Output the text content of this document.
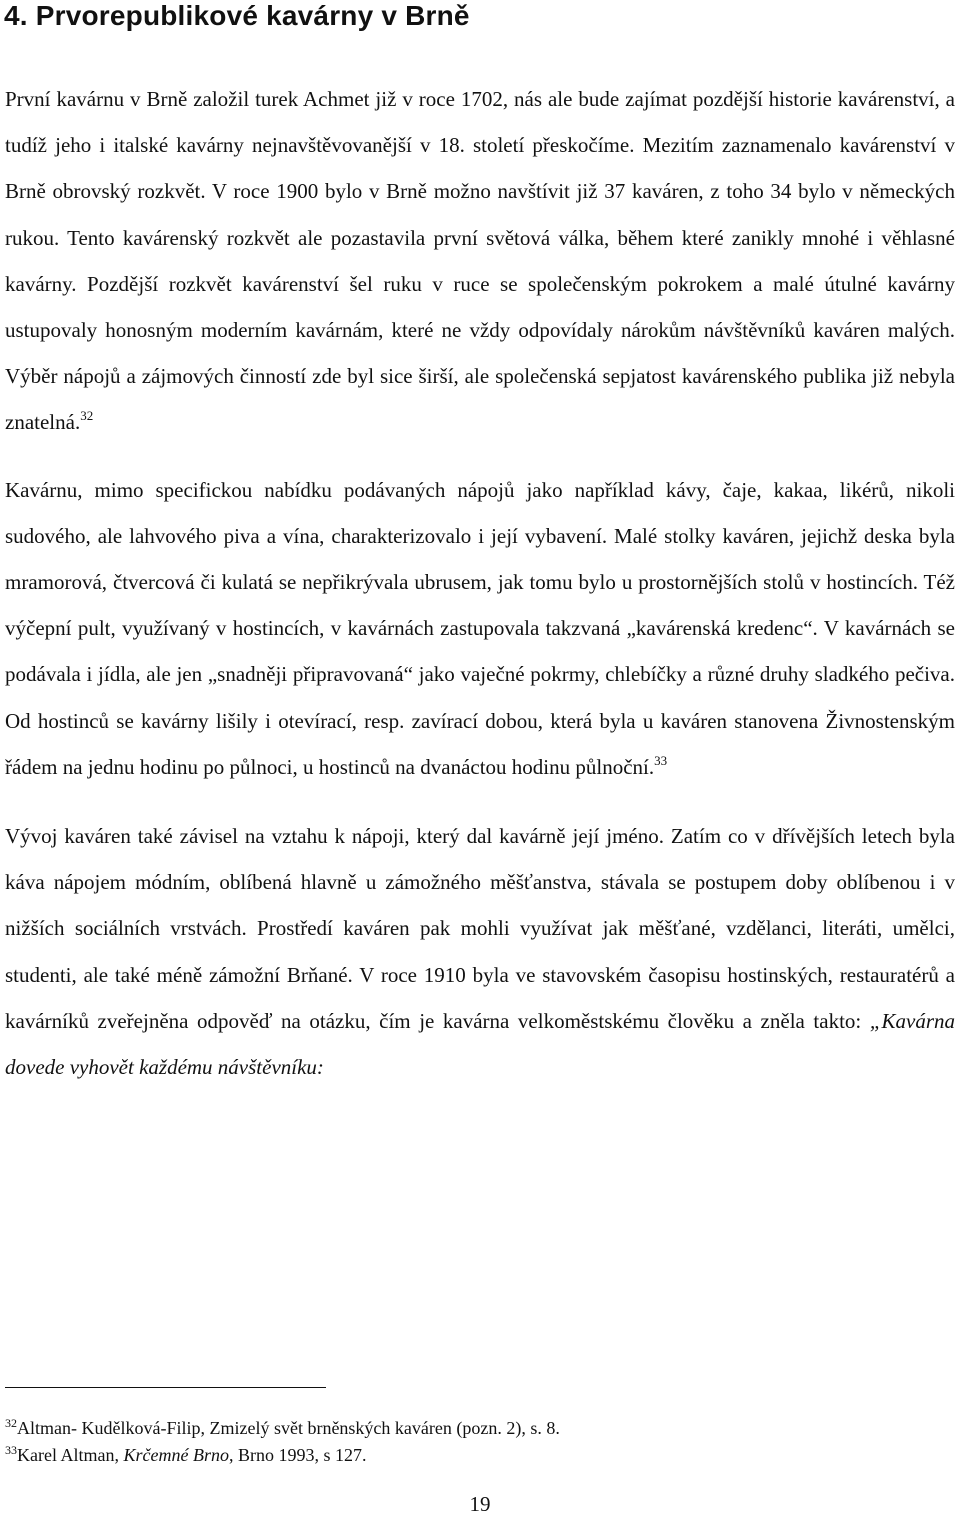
4. Prvorepublikové kavárny v Brně

První kavárnu v Brně založil turek Achmet již v roce 1702, nás ale bude zajímat pozdější historie kavárenství, a tudíž jeho i italské kavárny nejnavštěvovanější v 18. století přeskočíme. Mezitím zaznamenalo kavárenství v Brně obrovský rozkvět. V roce 1900 bylo v Brně možno navštívit již 37 kaváren, z toho 34 bylo v německých rukou. Tento kavárenský rozkvět ale pozastavila první světová válka, během které zanikly mnohé i věhlasné kavárny. Pozdější rozkvět kavárenství šel ruku v ruce se společenským pokrokem a malé útulné kavárny ustupovaly honosným moderním kavárnám, které ne vždy odpovídaly nárokům návštěvníků kaváren malých. Výběr nápojů a zájmových činností zde byl sice širší, ale společenská sepjatost kavárenského publika již nebyla znatelná.$^{32}$

Kavárnu, mimo specifickou nabídku podávaných nápojů jako například kávy, čaje, kakaa, likérů, nikoli sudového, ale lahvového piva a vína, charakterizovalo i její vybavení. Malé stolky kaváren, jejichž deska byla mramorová, čtvercová či kulatá se nepřikrývala ubrusem, jak tomu bylo u prostornějších stolů v hostincích. Též výčepní pult, využívaný v hostincích, v kavárnách zastupovala takzvaná „kavárenská kredenc“. V kavárnách se podávala i jídla, ale jen „snadněji připravovaná“ jako vaječné pokrmy, chlebíčky a různé druhy sladkého pečiva. Od hostinců se kavárny lišily i otevírací, resp. zavírací dobou, která byla u kaváren stanovena Živnostenským řádem na jednu hodinu po půlnoci, u hostinců na dvanáctou hodinu půlnoční.$^{33}$

Vývoj kaváren také závisel na vztahu k nápoji, který dal kavárně její jméno. Zatím co v dřívějších letech byla káva nápojem módním, oblíbená hlavně u zámožného měšťanstva, stávala se postupem doby oblíbenou i v nižších sociálních vrstvách. Prostředí kaváren pak mohli využívat jak měšťané, vzdělanci, literáti, umělci, studenti, ale také méně zámožní Brňané. V roce 1910 byla ve stavovském časopisu hostinských, restauratérů a kavárníků zveřejněna odpověď na otázku, čím je kavárna velkoměstskému člověku a zněla takto: „Kavárna dovede vyhovět každému návštěvníku:

$^{32}$Altman- Kudělková-Filip, Zmizelý svět brněnských kaváren (pozn. 2), s. 8.

$^{33}$Karel Altman, Krčemné Brno, Brno 1993, s 127.

19
